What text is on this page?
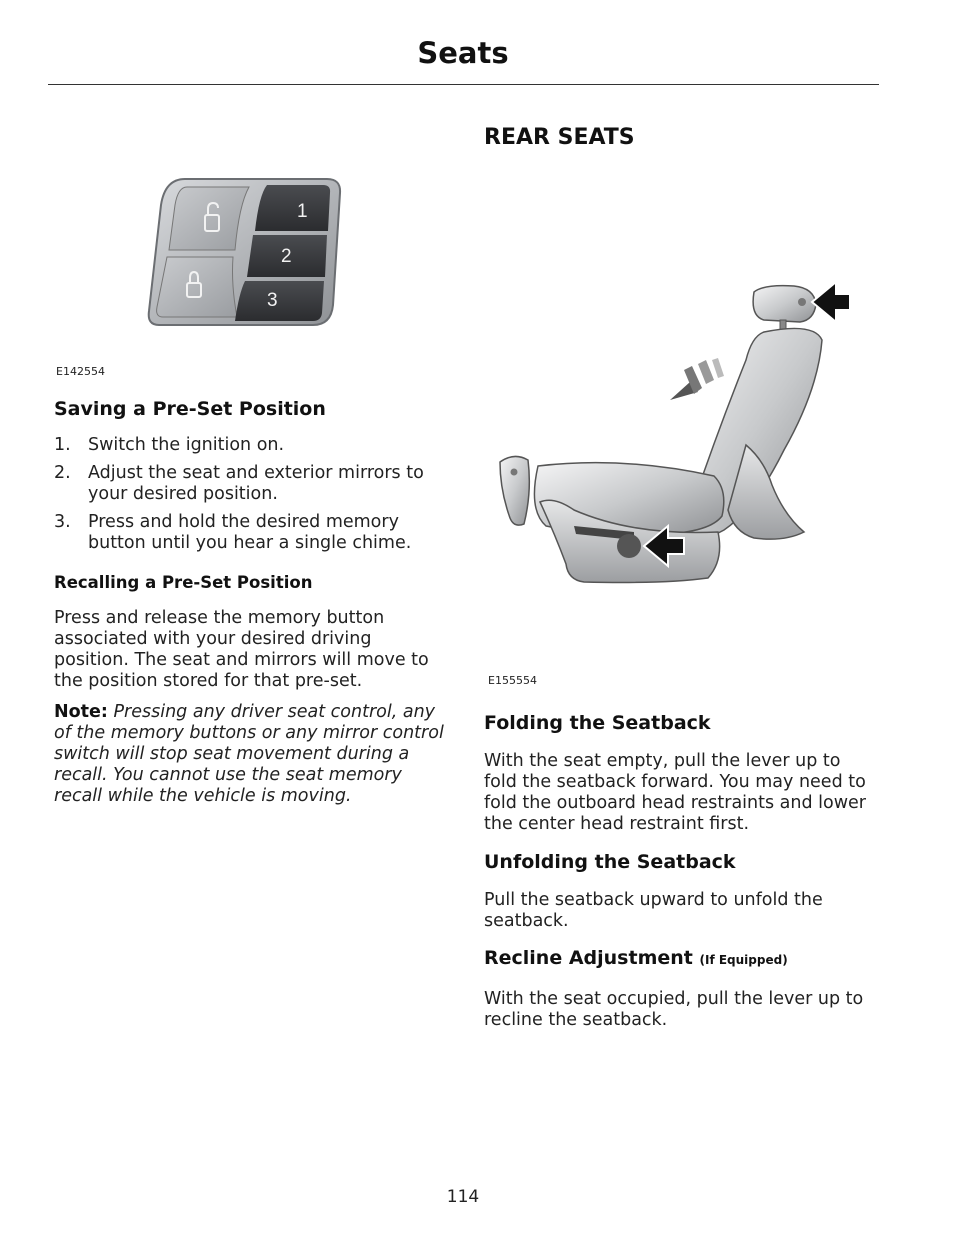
Seats
1
2
3
E142554
Saving a Pre-Set Position
1. Switch the ignition on.
2. Adjust the seat and exterior mirrors to your desired position.
3. Press and hold the desired memory button until you hear a single chime.
Recalling a Pre-Set Position

Press and release the memory button associated with your desired driving position. The seat and mirrors will move to the position stored for that pre-set.

Note: Pressing any driver seat control, any of the memory buttons or any mirror control switch will stop seat movement during a recall. You cannot use the seat memory recall while the vehicle is moving.

REAR SEATS
E155554
Folding the Seatback

With the seat empty, pull the lever up to fold the seatback forward. You may need to fold the outboard head restraints and lower the center head restraint first.

Unfolding the Seatback

Pull the seatback upward to unfold the seatback.

Recline Adjustment (If Equipped)

With the seat occupied, pull the lever up to recline the seatback.

114
